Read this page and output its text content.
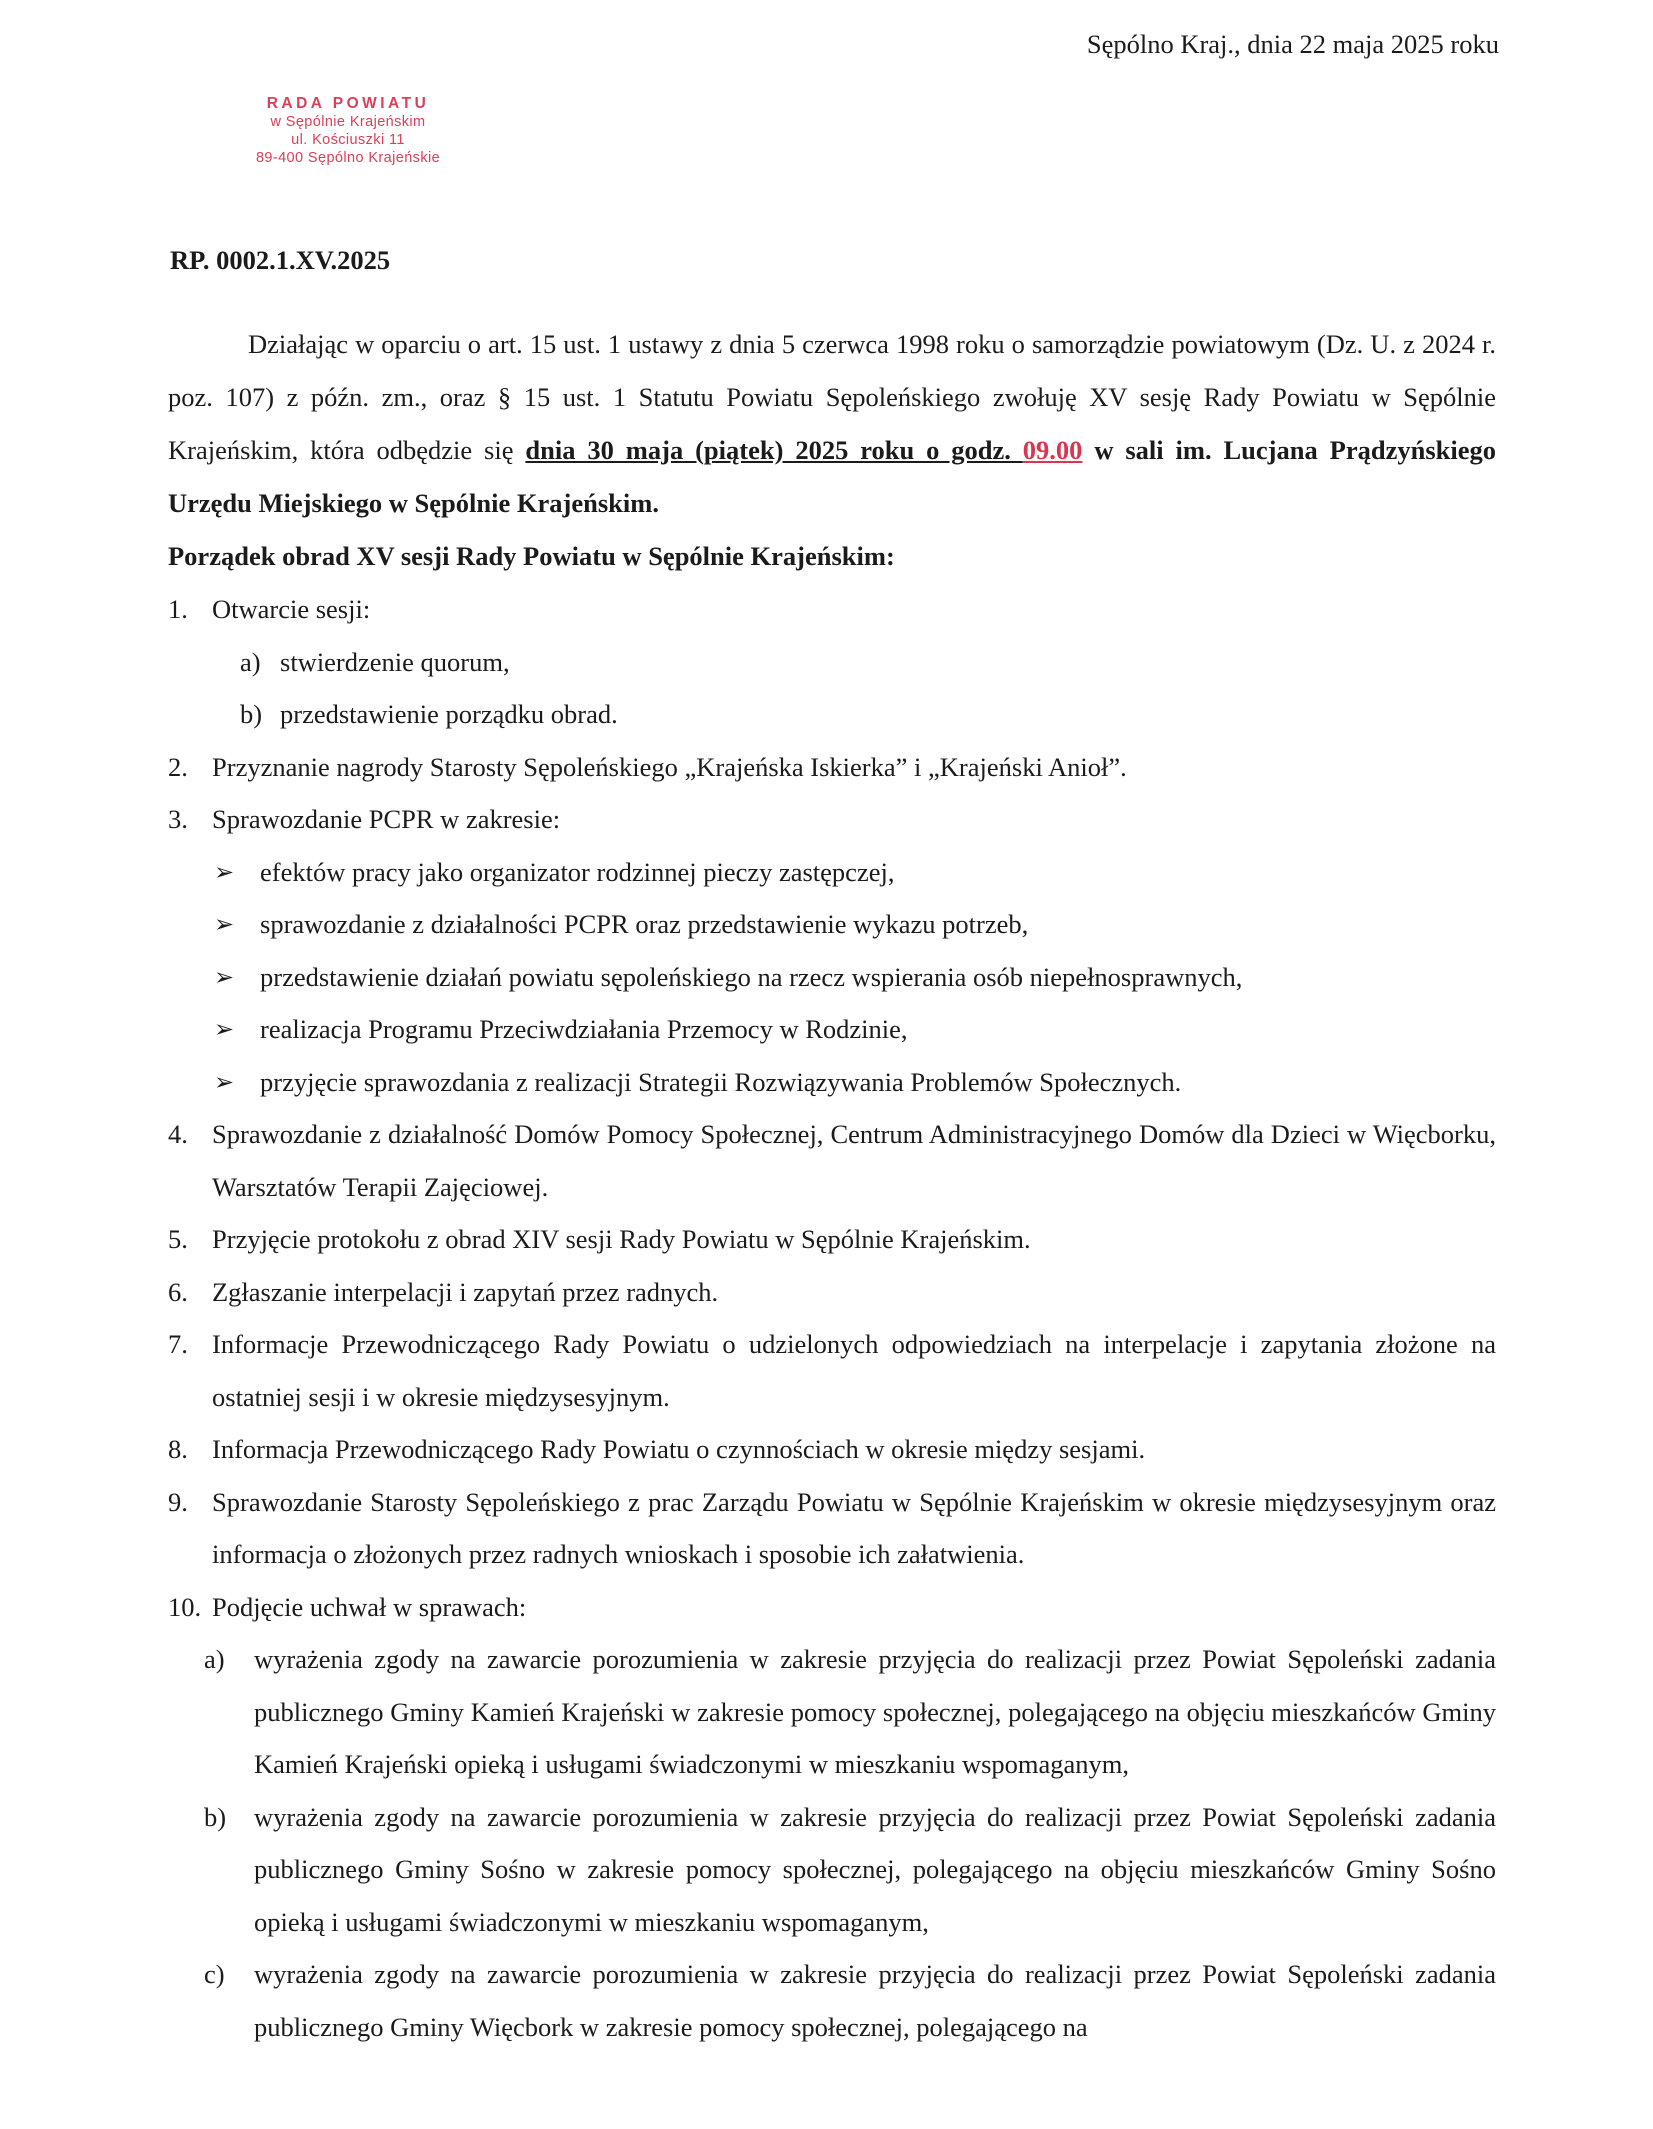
Sępólno Kraj., dnia 22 maja 2025 roku
RADA POWIATU
w Sępólnie Krajeńskim
ul. Kościuszki 11
89-400 Sępólno Krajeńskie
RP. 0002.1.XV.2025

Działając w oparciu o art. 15 ust. 1 ustawy z dnia 5 czerwca 1998 roku o samorządzie powiatowym (Dz. U. z 2024 r. poz. 107) z późn. zm., oraz § 15 ust. 1 Statutu Powiatu Sępoleńskiego zwołuję XV sesję Rady Powiatu w Sępólnie Krajeńskim, która odbędzie się dnia 30 maja (piątek) 2025 roku o godz. 09.00 w sali im. Lucjana Prądzyńskiego Urzędu Miejskiego w Sępólnie Krajeńskim.

Porządek obrad XV sesji Rady Powiatu w Sępólnie Krajeńskim:

1. Otwarcie sesji:
a) stwierdzenie quorum,
b) przedstawienie porządku obrad.
2. Przyznanie nagrody Starosty Sępoleńskiego „Krajeńska Iskierka” i „Krajeński Anioł”.
3. Sprawozdanie PCPR w zakresie:
➢ efektów pracy jako organizator rodzinnej pieczy zastępczej,
➢ sprawozdanie z działalności PCPR oraz przedstawienie wykazu potrzeb,
➢ przedstawienie działań powiatu sępoleńskiego na rzecz wspierania osób niepełnosprawnych,
➢ realizacja Programu Przeciwdziałania Przemocy w Rodzinie,
➢ przyjęcie sprawozdania z realizacji Strategii Rozwiązywania Problemów Społecznych.
4. Sprawozdanie z działalność Domów Pomocy Społecznej, Centrum Administracyjnego Domów dla Dzieci w Więcborku, Warsztatów Terapii Zajęciowej.
5. Przyjęcie protokołu z obrad XIV sesji Rady Powiatu w Sępólnie Krajeńskim.
6. Zgłaszanie interpelacji i zapytań przez radnych.
7. Informacje Przewodniczącego Rady Powiatu o udzielonych odpowiedziach na interpelacje i zapytania złożone na ostatniej sesji i w okresie międzysesyjnym.
8. Informacja Przewodniczącego Rady Powiatu o czynnościach w okresie między sesjami.
9. Sprawozdanie Starosty Sępoleńskiego z prac Zarządu Powiatu w Sępólnie Krajeńskim w okresie międzysesyjnym oraz informacja o złożonych przez radnych wnioskach i sposobie ich załatwienia.
10. Podjęcie uchwał w sprawach:
a) wyrażenia zgody na zawarcie porozumienia w zakresie przyjęcia do realizacji przez Powiat Sępoleński zadania publicznego Gminy Kamień Krajeński w zakresie pomocy społecznej, polegającego na objęciu mieszkańców Gminy Kamień Krajeński opieką i usługami świadczonymi w mieszkaniu wspomaganym,
b) wyrażenia zgody na zawarcie porozumienia w zakresie przyjęcia do realizacji przez Powiat Sępoleński zadania publicznego Gminy Sośno w zakresie pomocy społecznej, polegającego na objęciu mieszkańców Gminy Sośno opieką i usługami świadczonymi w mieszkaniu wspomaganym,
c) wyrażenia zgody na zawarcie porozumienia w zakresie przyjęcia do realizacji przez Powiat Sępoleński zadania publicznego Gminy Więcbork w zakresie pomocy społecznej, polegającego na
